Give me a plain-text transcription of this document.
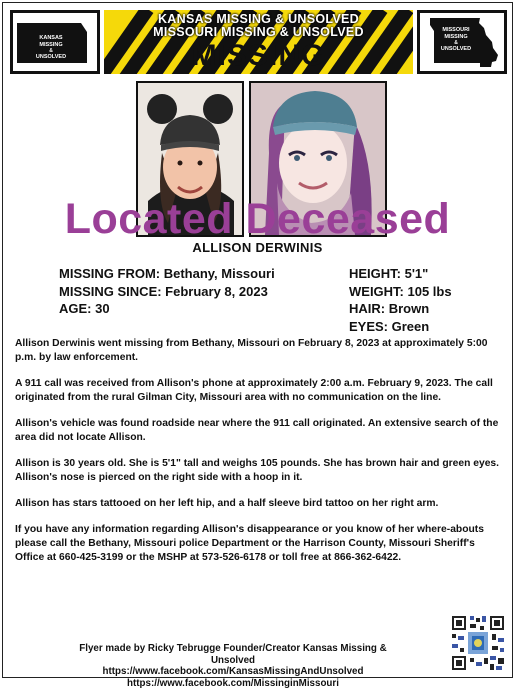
KANSAS
MISSING
&
UNSOLVED
KANSAS MISSING & UNSOLVED
MISSOURI MISSING & UNSOLVED
MISSING
MISSOURI
MISSING
&
UNSOLVED
Located Deceased
ALLISON DERWINIS
MISSING FROM: Bethany, Missouri
MISSING SINCE: February 8, 2023
AGE: 30
HEIGHT: 5'1"
WEIGHT: 105 lbs
HAIR: Brown
EYES: Green

Allison Derwinis went missing from Bethany, Missouri on February 8, 2023 at approximately 5:00 p.m. by law enforcement.

A 911 call was received from Allison's phone at approximately 2:00 a.m. February 9, 2023. The call originated from the rural Gilman City, Missouri area with no communication on the line.

Allison's vehicle was found roadside near where the 911 call originated. An extensive search of the area did not locate Allison.

Allison is 30 years old. She is 5'1" tall and weighs 105 pounds. She has brown hair and green eyes. Allison's nose is pierced on the right side with a hoop in it.

Allison has stars tattooed on her left hip, and a half sleeve bird tattoo on her right arm.

If you have any information regarding Allison's disappearance or you know of her where-abouts please call the Bethany, Missouri police Department or the Harrison County, Missouri Sheriff's Office at 660-425-3199 or the MSHP at 573-526-6178 or toll free at 866-362-6422.

Flyer made by Ricky Tebrugge Founder/Creator Kansas Missing & Unsolved
https://www.facebook.com/KansasMissingAndUnsolved
https://www.facebook.com/MissinginMissouri
